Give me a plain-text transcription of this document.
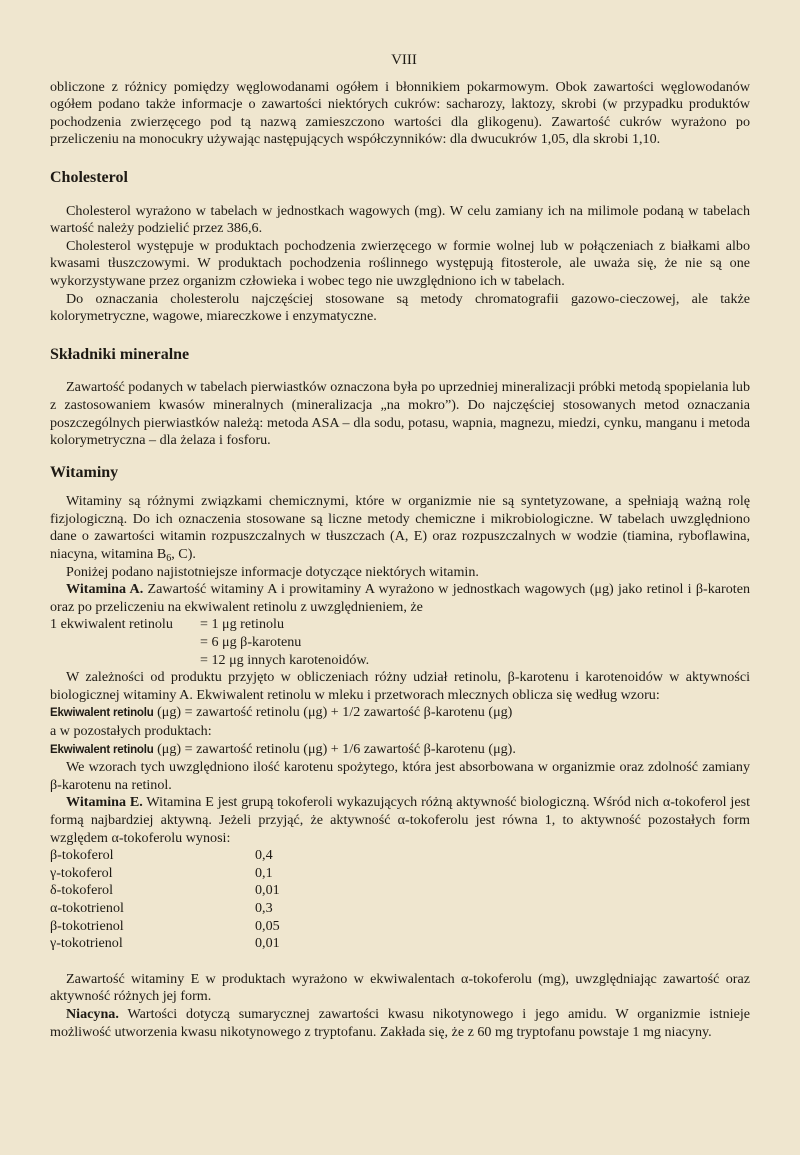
VIII

obliczone z różnicy pomiędzy węglowodanami ogółem i błonnikiem pokarmowym. Obok zawartości węglowodanów ogółem podano także informacje o zawartości niektórych cukrów: sacharozy, laktozy, skrobi (w przypadku produktów pochodzenia zwierzęcego pod tą nazwą zamieszczono wartości dla glikogenu). Zawartość cukrów wyrażono po przeliczeniu na monocukry używając następujących współczynników: dla dwucukrów 1,05, dla skrobi 1,10.

Cholesterol

Cholesterol wyrażono w tabelach w jednostkach wagowych (mg). W celu zamiany ich na milimole podaną w tabelach wartość należy podzielić przez 386,6.

Cholesterol występuje w produktach pochodzenia zwierzęcego w formie wolnej lub w połączeniach z białkami albo kwasami tłuszczowymi. W produktach pochodzenia roślinnego występują fitosterole, ale uważa się, że nie są one wykorzystywane przez organizm człowieka i wobec tego nie uwzględniono ich w tabelach.

Do oznaczania cholesterolu najczęściej stosowane są metody chromatografii gazowo-cieczowej, ale także kolorymetryczne, wagowe, miareczkowe i enzymatyczne.

Składniki mineralne

Zawartość podanych w tabelach pierwiastków oznaczona była po uprzedniej mineralizacji próbki metodą spopielania lub z zastosowaniem kwasów mineralnych (mineralizacja „na mokro”). Do najczęściej stosowanych metod oznaczania poszczególnych pierwiastków należą: metoda ASA – dla sodu, potasu, wapnia, magnezu, miedzi, cynku, manganu i metoda kolorymetryczna – dla żelaza i fosforu.

Witaminy

Witaminy są różnymi związkami chemicznymi, które w organizmie nie są syntetyzowane, a spełniają ważną rolę fizjologiczną. Do ich oznaczenia stosowane są liczne metody chemiczne i mikrobiologiczne. W tabelach uwzględniono dane o zawartości witamin rozpuszczalnych w tłuszczach (A, E) oraz rozpuszczalnych w wodzie (tiamina, ryboflawina, niacyna, witamina $B_6$, C).

Poniżej podano najistotniejsze informacje dotyczące niektórych witamin.

Witamina A. Zawartość witaminy A i prowitaminy A wyrażono w jednostkach wagowych (μg) jako retinol i β-karoten oraz po przeliczeniu na ekwiwalent retinolu z uwzględnieniem, że

1 ekwiwalent retinolu = 1 μg retinolu
= 6 μg β-karotenu
= 12 μg innych karotenoidów.

W zależności od produktu przyjęto w obliczeniach różny udział retinolu, β-karotenu i karotenoidów w aktywności biologicznej witaminy A. Ekwiwalent retinolu w mleku i przetworach mlecznych oblicza się według wzoru:

Ekwiwalent retinolu (μg) = zawartość retinolu (μg) + 1/2 zawartość β-karotenu (μg)

a w pozostałych produktach:

Ekwiwalent retinolu (μg) = zawartość retinolu (μg) + 1/6 zawartość β-karotenu (μg).

We wzorach tych uwzględniono ilość karotenu spożytego, która jest absorbowana w organizmie oraz zdolność zamiany β-karotenu na retinol.

Witamina E. Witamina E jest grupą tokoferoli wykazujących różną aktywność biologiczną. Wśród nich α-tokoferol jest formą najbardziej aktywną. Jeżeli przyjąć, że aktywność α-tokoferolu jest równa 1, to aktywność pozostałych form względem α-tokoferolu wynosi:

β-tokoferol	0,4
γ-tokoferol	0,1
δ-tokoferol	0,01
α-tokotrienol	0,3
β-tokotrienol	0,05
γ-tokotrienol	0,01

Zawartość witaminy E w produktach wyrażono w ekwiwalentach α-tokoferolu (mg), uwzględniając zawartość oraz aktywność różnych jej form.

Niacyna. Wartości dotyczą sumarycznej zawartości kwasu nikotynowego i jego amidu. W organizmie istnieje możliwość utworzenia kwasu nikotynowego z tryptofanu. Zakłada się, że z 60 mg tryptofanu powstaje 1 mg niacyny.
